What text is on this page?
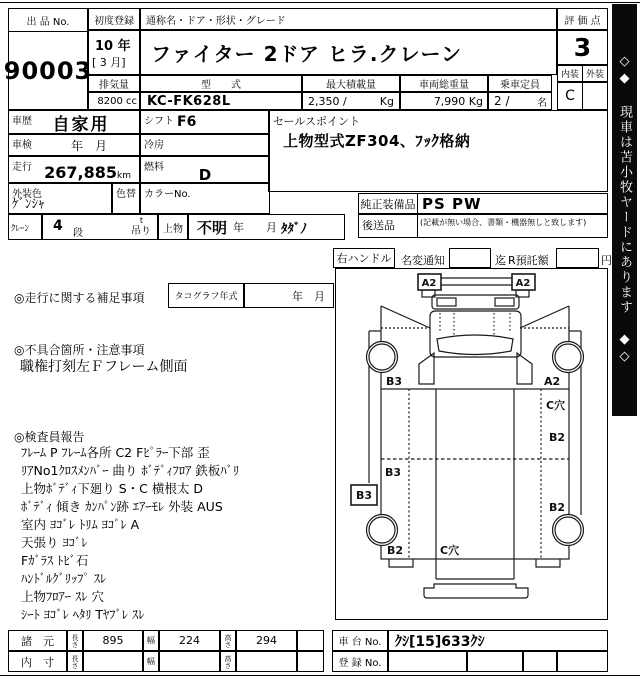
出 品 No.
90003
初度登録
10 年
[ 3 月]
通称名・ドア・形状・グレード
ファイター 2ドア ヒラ.クレーン
評 価 点
3
内装 外装
C
排気量
8200 cc
型　　式
KC-FK628L
最大積載量
2,350 /	Kg
車両総重量
7,990 Kg
乗車定員
2 /	名
車歴	自家用	シフト F6
車検	年　月	冷房
走行 267,885 km
燃料	D
外装色
ｹﾞﾝｼｬ
色替 カラーNo.
ｸﾚｰﾝ 4 段
t
吊り	上物 不明 年　　月 ﾀﾀﾞﾉ
セールスポイント
上物型式ZF304、ﾌｯｸ格納
純正装備品 PS PW
後送品	(記載が無い場合、書類・機器無しと致します)
右ハンドル 名変通知	迄 R預託額	円
◎走行に関する補足事項	タコグラフ年式	年　月
◎不具合箇所・注意事項
職権打刻左Ｆフレーム側面
◎検査員報告
ﾌﾚｰﾑ P ﾌﾚｰﾑ各所 C2 Fﾋﾟﾗｰ下部 歪
ﾘｱNo1ｸﾛｽﾒﾝﾊﾞｰ 曲り ﾎﾞﾃﾞｨﾌﾛｱ 鉄板ﾊﾞﾘ
上物ﾎﾞﾃﾞｨ下廻り S・C 横根太 D
ﾎﾞﾃﾞｨ 傾き ｶﾝﾊﾟﾝ跡 ｴｱｰﾓﾚ 外装 AUS
室内 ﾖｺﾞﾚ ﾄﾘﾑ ﾖｺﾞﾚ A
天張り ﾖｺﾞﾚ
Fｶﾞﾗｽ ﾄﾋﾞ石
ﾊﾝﾄﾞﾙｸﾞﾘｯﾌﾟ ｽﾚ
上物ﾌﾛｱｰ ｽﾚ 穴
ｼｰﾄ ﾖｺﾞﾚ ﾍﾀﾘ Tﾔﾌﾞﾚ ｽﾚ
A2	A2
B3	A2
C穴
B2
B3
B3
B2
B2	C穴
◇◆ 現車は苫小牧ヤードにあります ◆◇
諸　元	長さ	895	幅	224	高さ	294
内　寸	長さ	幅	高さ
車 台 No. ｸｼ[15]633ｸｼ
登 録 No.
